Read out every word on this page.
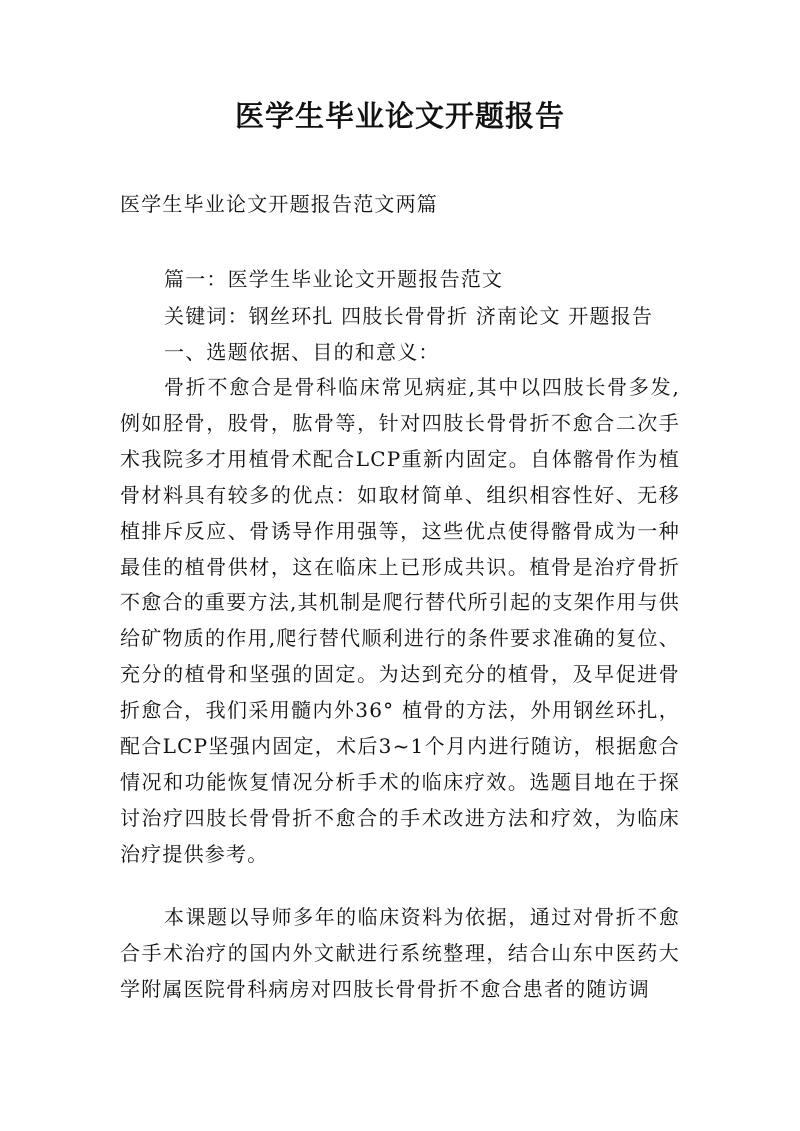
医学生毕业论文开题报告

医学生毕业论文开题报告范文两篇

篇一：医学生毕业论文开题报告范文

关键词：钢丝环扎 四肢长骨骨折 济南论文 开题报告

一、选题依据、目的和意义：

骨折不愈合是骨科临床常见病症,其中以四肢长骨多发,例如胫骨，股骨，肱骨等，针对四肢长骨骨折不愈合二次手术我院多才用植骨术配合LCP重新内固定。自体髂骨作为植骨材料具有较多的优点：如取材简单、组织相容性好、无移植排斥反应、骨诱导作用强等，这些优点使得髂骨成为一种最佳的植骨供材，这在临床上已形成共识。植骨是治疗骨折不愈合的重要方法,其机制是爬行替代所引起的支架作用与供给矿物质的作用,爬行替代顺利进行的条件要求准确的复位、充分的植骨和坚强的固定。为达到充分的植骨，及早促进骨折愈合，我们采用髓内外36° 植骨的方法，外用钢丝环扎，配合LCP坚强内固定，术后3~1个月内进行随访，根据愈合情况和功能恢复情况分析手术的临床疗效。选题目地在于探讨治疗四肢长骨骨折不愈合的手术改进方法和疗效，为临床治疗提供参考。

本课题以导师多年的临床资料为依据，通过对骨折不愈合手术治疗的国内外文献进行系统整理，结合山东中医药大学附属医院骨科病房对四肢长骨骨折不愈合患者的随访调
